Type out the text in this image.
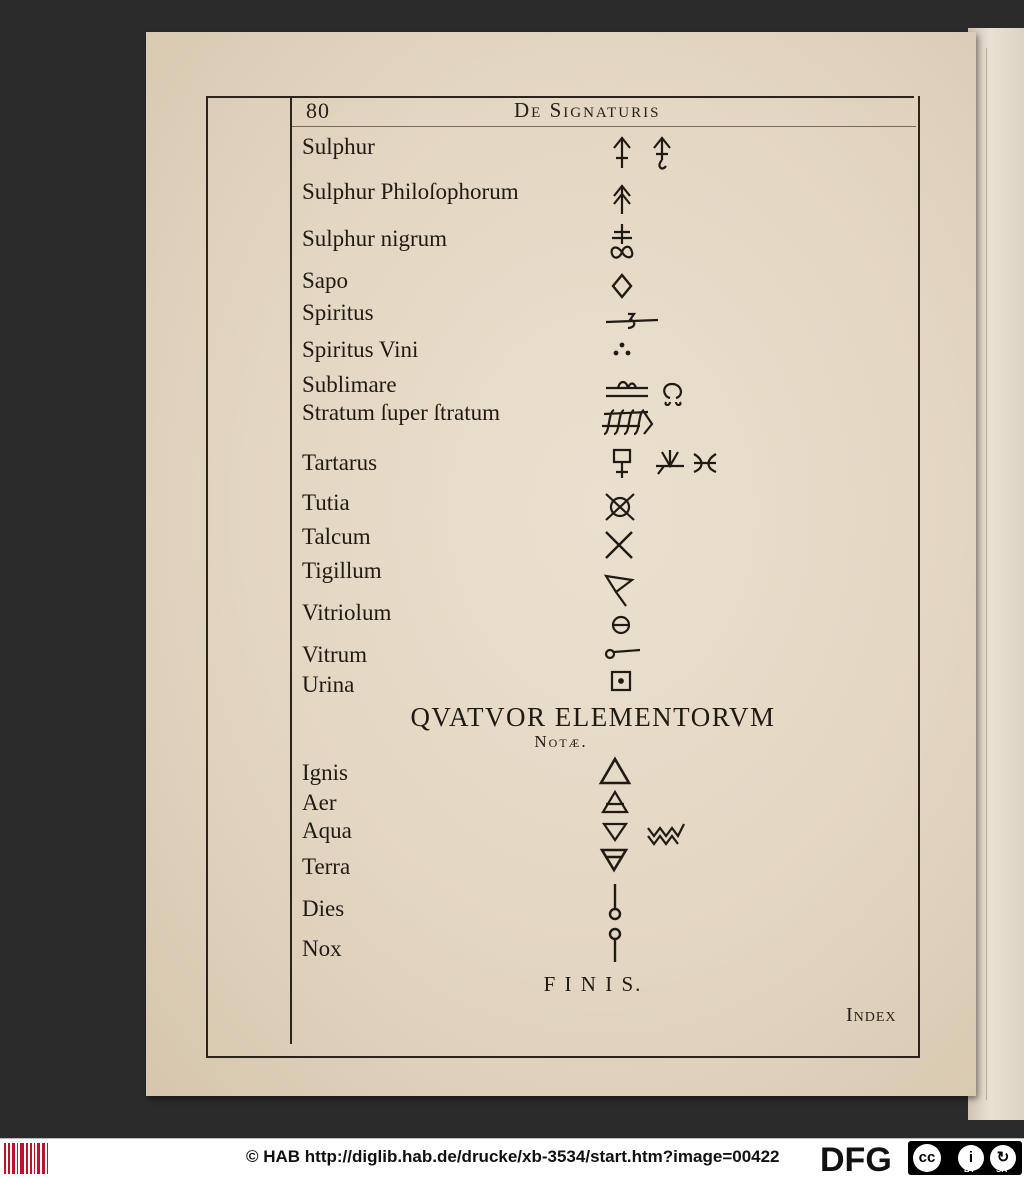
80	De Signaturis
Sulphur
Sulphur Philoſophorum
Sulphur nigrum
Sapo
Spiritus
Spiritus Vini
Sublimare
Stratum ſuper ſtratum
Tartarus
Tutia
Talcum
Tigillum
Vitriolum
Vitrum
Urina
QVATVOR ELEMENTORVM
Notæ.
Ignis
Aer
Aqua
Terra
Dies
Nox
F I N I S.
Index
© HAB http://diglib.hab.de/drucke/xb-3534/start.htm?image=00422 DFG	cc	i	↻
BY	SA
